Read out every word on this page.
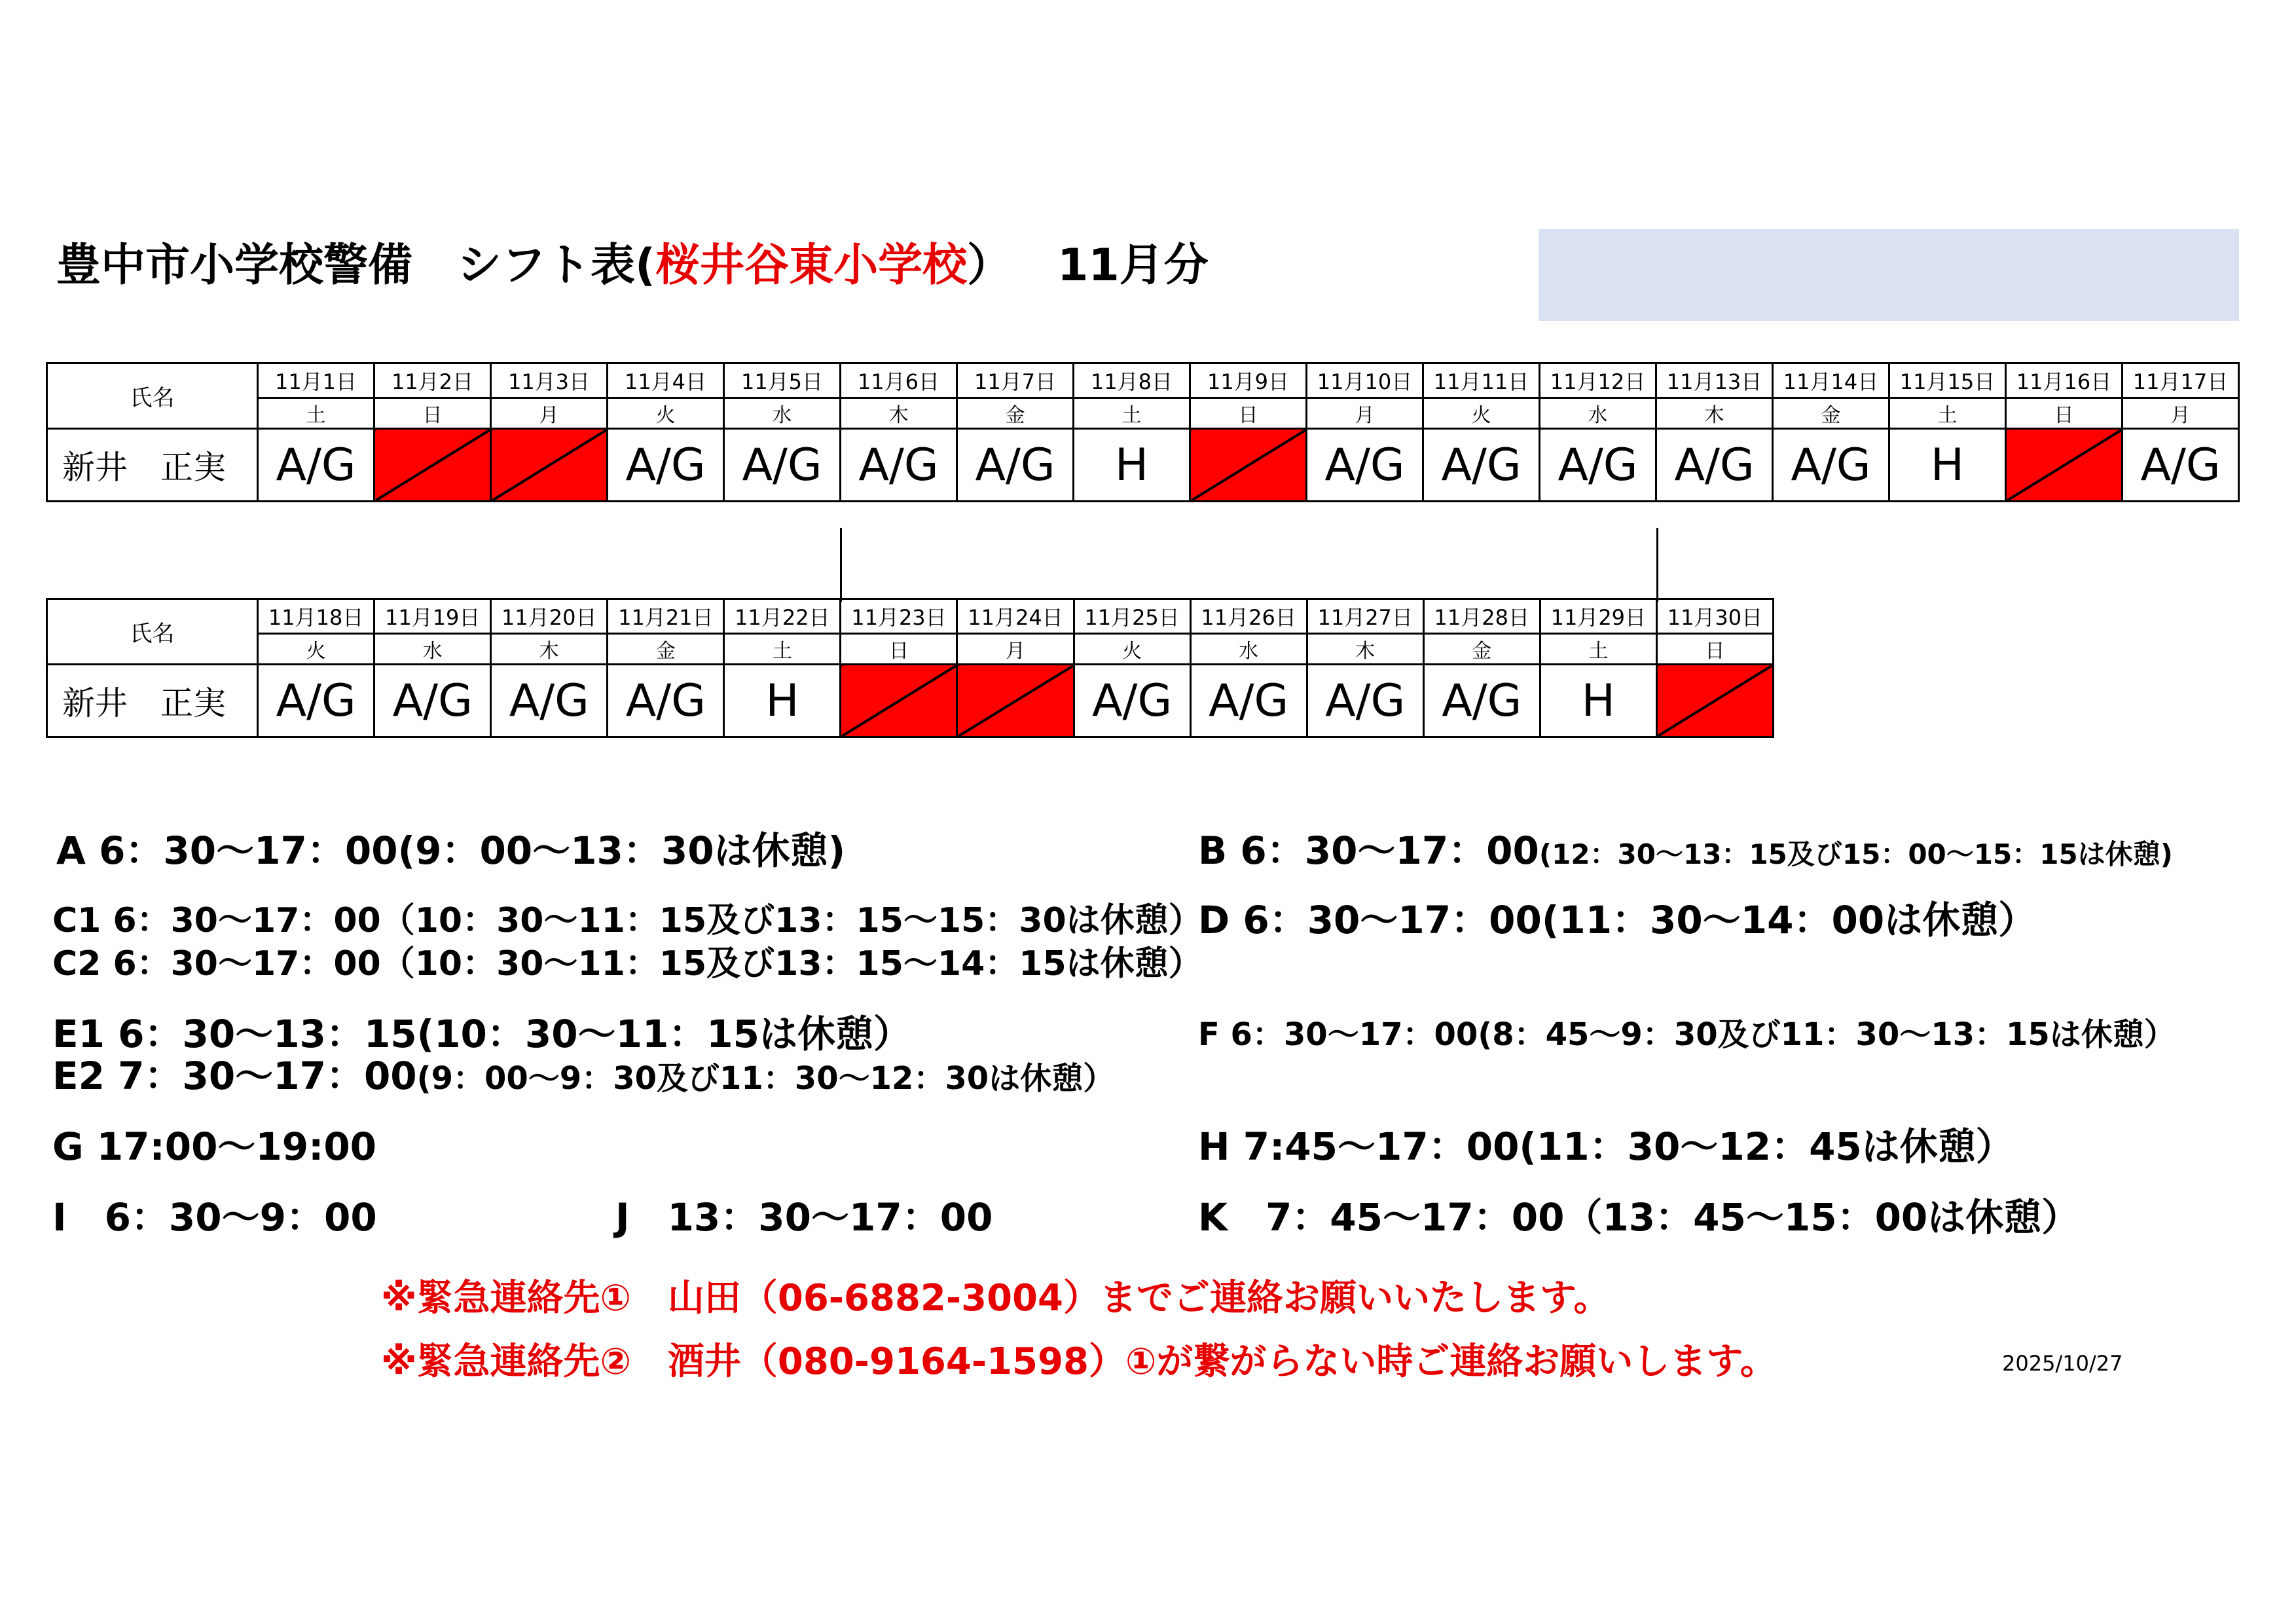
豊中市小学校警備　シフト表(桜井谷東小学校） 11月分
氏名	11月1日	11月2日	11月3日	11月4日	11月5日	11月6日	11月7日	11月8日	11月9日	11月10日	11月11日	11月12日	11月13日	11月14日	11月15日	11月16日	11月17日
	土	日	月	火	水	木	金	土	日	月	火	水	木	金	土	日	月
新井　正実	A/G			A/G	A/G	A/G	A/G	H		A/G	A/G	A/G	A/G	A/G	H		A/G
氏名	11月18日	11月19日	11月20日	11月21日	11月22日	11月23日	11月24日	11月25日	11月26日	11月27日	11月28日	11月29日	11月30日
	火	水	木	金	土	日	月	火	水	木	金	土	日
新井　正実	A/G	A/G	A/G	A/G	H			A/G	A/G	A/G	A/G	H	
A 6：30～17：00(9：00～13：30は休憩)	B 6：30～17：00(12：30～13：15及び15：00～15：15は休憩)
C1 6：30～17：00（10：30～11：15及び13：15～15：30は休憩）
C2 6：30～17：00（10：30～11：15及び13：15～14：15は休憩）
D 6：30～17：00(11：30～14：00は休憩）
E1 6：30～13：15(10：30～11：15は休憩）
E2 7：30～17：00(9：00～9：30及び11：30～12：30は休憩）
F 6：30～17：00(8：45～9：30及び11：30～13：15は休憩）
G 17:00～19:00	H 7:45～17：00(11：30～12：45は休憩）
I　6：30～9：00	J　13：30～17：00	K　7：45～17：00（13：45～15：00は休憩）
※緊急連絡先①　山田（06-6882-3004）までご連絡お願いいたします。
※緊急連絡先②　酒井（080-9164-1598）①が繋がらない時ご連絡お願いします。	2025/10/27
